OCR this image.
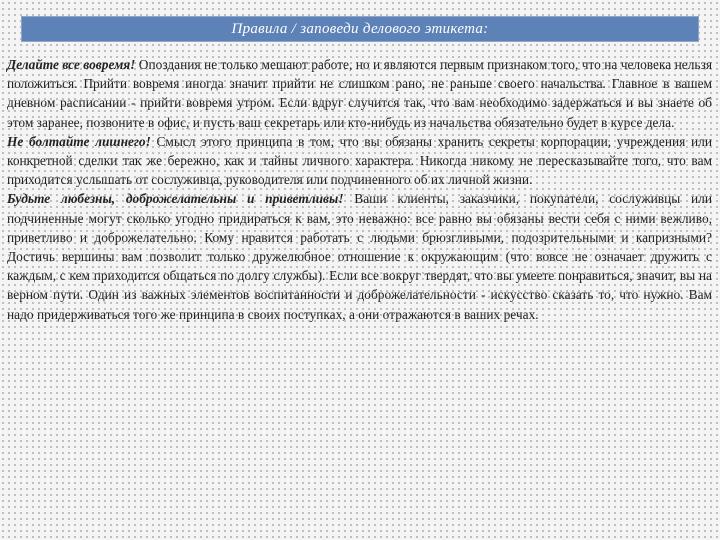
Правила / заповеди делового этикета:

Делайте все вовремя! Опоздания не только мешают работе, но и являются первым признаком того, что на человека нельзя положиться. Прийти вовремя иногда значит прийти не слишком рано, не раньше своего начальства. Главное в вашем дневном расписании - прийти вовремя утром. Если вдруг случится так, что вам необходимо задержаться и вы знаете об этом заранее, позвоните в офис, и пусть ваш секретарь или кто-нибудь из начальства обязательно будет в курсе дела.

Не болтайте лишнего! Смысл этого принципа в том, что вы обязаны хранить секреты корпорации, учреждения или конкретной сделки так же бережно, как и тайны личного характера. Никогда никому не пересказывайте того, что вам приходится услышать от сослуживца, руководителя или подчиненного об их личной жизни.

Будьте любезны, доброжелательны и приветливы! Ваши клиенты, заказчики, покупатели, сослуживцы или подчиненные могут сколько угодно придираться к вам, это неважно: все равно вы обязаны вести себя с ними вежливо, приветливо и доброжелательно. Кому нравится работать с людьми брюзгливыми, подозрительными и капризными? Достичь вершины вам позволит только дружелюбное отношение к окружающим (что вовсе не означает дружить с каждым, с кем приходится общаться по долгу службы). Если все вокруг твердят, что вы умеете понравиться, значит, вы на верном пути. Один из важных элементов воспитанности и доброжелательности - искусство сказать то, что нужно. Вам надо придерживаться того же принципа в своих поступках, а они отражаются в ваших речах.
